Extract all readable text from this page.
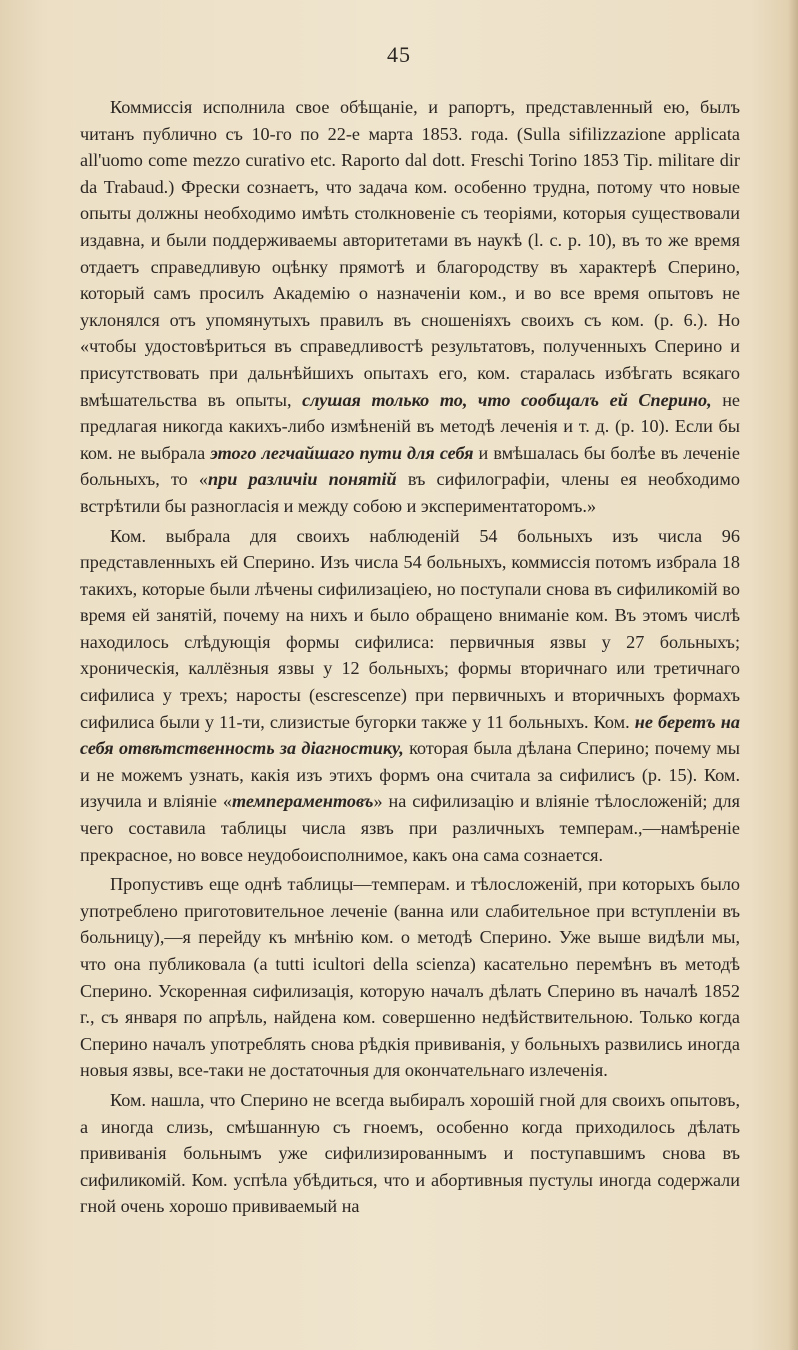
45

Коммиссія исполнила свое обѣщаніе, и рапортъ, представленный ею, былъ читанъ публично съ 10-го по 22-е марта 1853. года. (Sulla sifilizzazione applicata all'uomo come mezzo curativo etc. Raporto dal dott. Freschi Torino 1853 Tip. militare dir da Trabaud.) Фрески сознаетъ, что задача ком. особенно трудна, потому что новые опыты должны необходимо имѣть столкновеніе съ теоріями, которыя существовали издавна, и были поддерживаемы авторитетами въ наукѣ (l. c. p. 10), въ то же время отдаетъ справедливую оцѣнку прямотѣ и благородству въ характерѣ Сперино, который самъ просилъ Академію о назначеніи ком., и во все время опытовъ не уклонялся отъ упомянутыхъ правилъ въ сношеніяхъ своихъ съ ком. (p. 6.). Но «чтобы удостовѣриться въ справедливостѣ результатовъ, полученныхъ Сперино и присутствовать при дальнѣйшихъ опытахъ его, ком. старалась избѣгать всякаго вмѣшательства въ опыты, слушая только то, что сообщалъ ей Сперино, не предлагая никогда какихъ-либо измѣненій въ методѣ леченія и т. д. (p. 10). Если бы ком. не выбрала этого легчайшаго пути для себя и вмѣшалась бы болѣе въ леченіе больныхъ, то «при различіи понятій въ сифилографіи, члены ея необходимо встрѣтили бы разногласія и между собою и экспериментаторомъ.»

Ком. выбрала для своихъ наблюденій 54 больныхъ изъ числа 96 представленныхъ ей Сперино. Изъ числа 54 больныхъ, коммиссія потомъ избрала 18 такихъ, которые были лѣчены сифилизаціею, но поступали снова въ сифиликомій во время ей занятій, почему на нихъ и было обращено вниманіе ком. Въ этомъ числѣ находилось слѣдующія формы сифилиса: первичныя язвы у 27 больныхъ; хроническія, каллёзныя язвы у 12 больныхъ; формы вторичнаго или третичнаго сифилиса у трехъ; наросты (escrescenze) при первичныхъ и вторичныхъ формахъ сифилиса были у 11-ти, слизистые бугорки также у 11 больныхъ. Ком. не беретъ на себя отвѣтственность за діагностику, которая была дѣлана Сперино; почему мы и не можемъ узнать, какія изъ этихъ формъ она считала за сифилисъ (p. 15). Ком. изучила и вліяніе «темпераментовъ» на сифилизацію и вліяніе тѣлосложеній; для чего составила таблицы числа язвъ при различныхъ темперам.,—намѣреніе прекрасное, но вовсе неудобоисполнимое, какъ она сама сознается.

Пропустивъ еще однѣ таблицы—темперам. и тѣлосложеній, при которыхъ было употреблено приготовительное леченіе (ванна или слабительное при вступленіи въ больницу),—я перейду къ мнѣнію ком. о методѣ Сперино. Уже выше видѣли мы, что она публиковала (a tutti icultori della scienza) касательно перемѣнъ въ методѣ Сперино. Ускоренная сифилизація, которую началъ дѣлать Сперино въ началѣ 1852 г., съ января по апрѣль, найдена ком. совершенно недѣйствительною. Только когда Сперино началъ употреблять снова рѣдкія прививанія, у больныхъ развились иногда новыя язвы, все-таки не достаточныя для окончательнаго излеченія.

Ком. нашла, что Сперино не всегда выбиралъ хорошій гной для своихъ опытовъ, а иногда слизь, смѣшанную съ гноемъ, особенно когда приходилось дѣлать прививанія больнымъ уже сифилизированнымъ и поступавшимъ снова въ сифиликомій. Ком. успѣла убѣдиться, что и абортивныя пустулы иногда содержали гной очень хорошо прививаемый на
